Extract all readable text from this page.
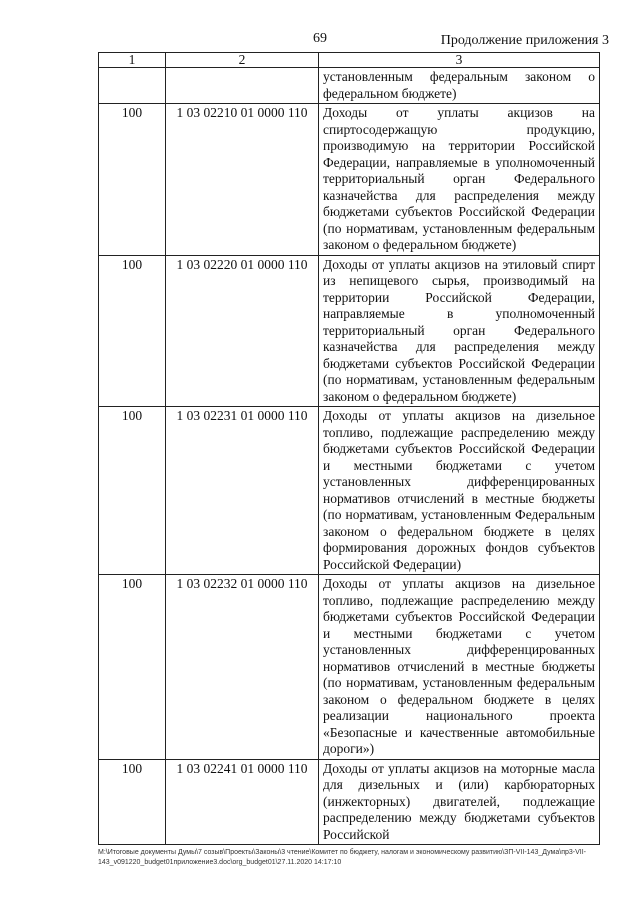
69	Продолжение приложения 3
1	2	3
		установленным федеральным законом о федеральном бюджете)
100	1 03 02210 01 0000 110	Доходы от уплаты акцизов на спиртосодержащую продукцию, производимую на территории Российской Федерации, направляемые в уполномоченный территориальный орган Федерального казначейства для распределения между бюджетами субъектов Российской Федерации (по нормативам, установленным федеральным законом о федеральном бюджете)
100	1 03 02220 01 0000 110	Доходы от уплаты акцизов на этиловый спирт из непищевого сырья, производимый на территории Российской Федерации, направляемые в уполномоченный территориальный орган Федерального казначейства для распределения между бюджетами субъектов Российской Федерации (по нормативам, установленным федеральным законом о федеральном бюджете)
100	1 03 02231 01 0000 110	Доходы от уплаты акцизов на дизельное топливо, подлежащие распределению между бюджетами субъектов Российской Федерации и местными бюджетами с учетом установленных дифференцированных нормативов отчислений в местные бюджеты (по нормативам, установленным Федеральным законом о федеральном бюджете в целях формирования дорожных фондов субъектов Российской Федерации)
100	1 03 02232 01 0000 110	Доходы от уплаты акцизов на дизельное топливо, подлежащие распределению между бюджетами субъектов Российской Федерации и местными бюджетами с учетом установленных дифференцированных нормативов отчислений в местные бюджеты (по нормативам, установленным федеральным законом о федеральном бюджете в целях реализации национального проекта «Безопасные и качественные автомобильные дороги»)
100	1 03 02241 01 0000 110	Доходы от уплаты акцизов на моторные масла для дизельных и (или) карбюраторных (инжекторных) двигателей, подлежащие распределению между бюджетами субъектов Российской
M:\Итоговые документы Думы\7 созыв\Проекты\Законы\3 чтение\Комитет по бюджету, налогам и экономическому развитию\ЗП-VII-143_Дума\пр3-VII-143_v091220_budget01приложение3.doc\org_budget01\27.11.2020 14:17:10
